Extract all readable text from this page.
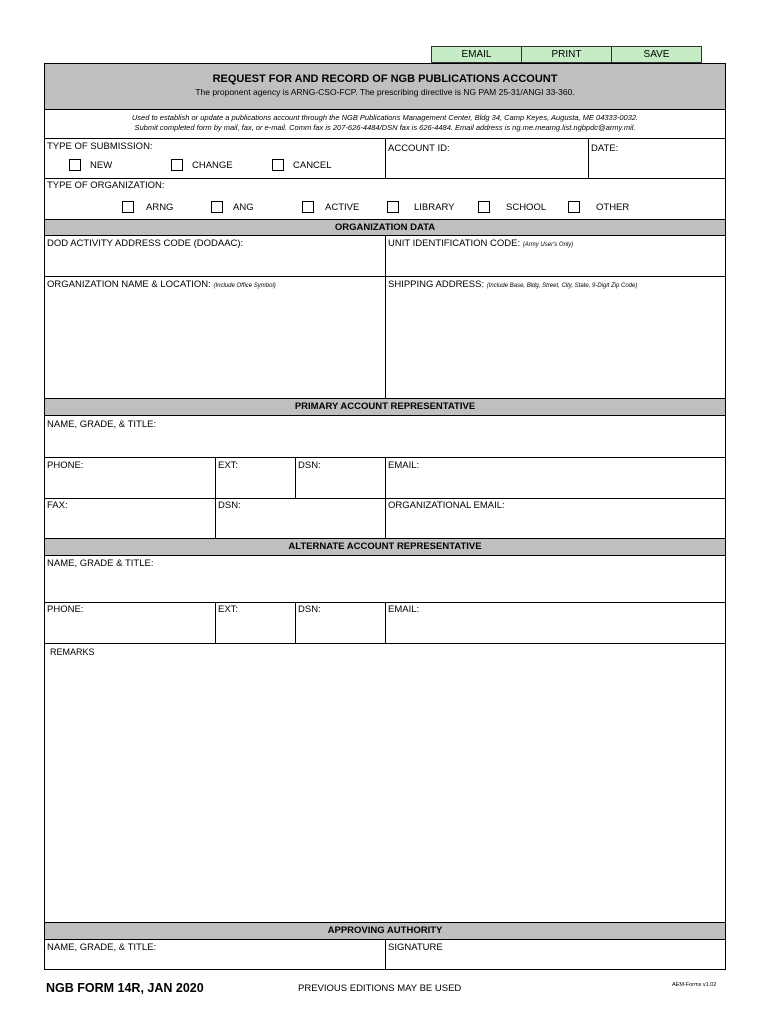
EMAIL	PRINT	SAVE
REQUEST FOR AND RECORD OF NGB PUBLICATIONS ACCOUNT
The proponent agency is ARNG-CSO-FCP. The prescribing directive is NG PAM 25-31/ANGI 33-360.
Used to establish or update a publications account through the NGB Publications Management Center, Bldg 34, Camp Keyes, Augusta, ME 04333-0032.
Submit completed form by mail, fax, or e-mail. Comm fax is 207-626-4484/DSN fax is 626-4484. Email address is ng.me.meamg.list.ngbpdc@army.mil.
TYPE OF SUBMISSION:
NEW	CHANGE	CANCEL
ACCOUNT ID:	DATE:
TYPE OF ORGANIZATION:
ARNG	ANG	ACTIVE	LIBRARY	SCHOOL	OTHER
ORGANIZATION DATA
DOD ACTIVITY ADDRESS CODE (DODAAC):	UNIT IDENTIFICATION CODE: (Army User's Only)
ORGANIZATION NAME & LOCATION: (Include Office Symbol)	SHIPPING ADDRESS: (Include Base, Bldg, Street, City, State, 9-Digit Zip Code)
PRIMARY ACCOUNT REPRESENTATIVE
NAME, GRADE, & TITLE:
PHONE:	EXT:	DSN:	EMAIL:
FAX:	DSN:	ORGANIZATIONAL EMAIL:
ALTERNATE ACCOUNT REPRESENTATIVE
NAME, GRADE & TITLE:
PHONE:	EXT:	DSN:	EMAIL:
REMARKS
APPROVING AUTHORITY
NAME, GRADE, & TITLE:	SIGNATURE
NGB FORM 14R, JAN 2020	PREVIOUS EDITIONS MAY BE USED	AEM-Forms v1.02
